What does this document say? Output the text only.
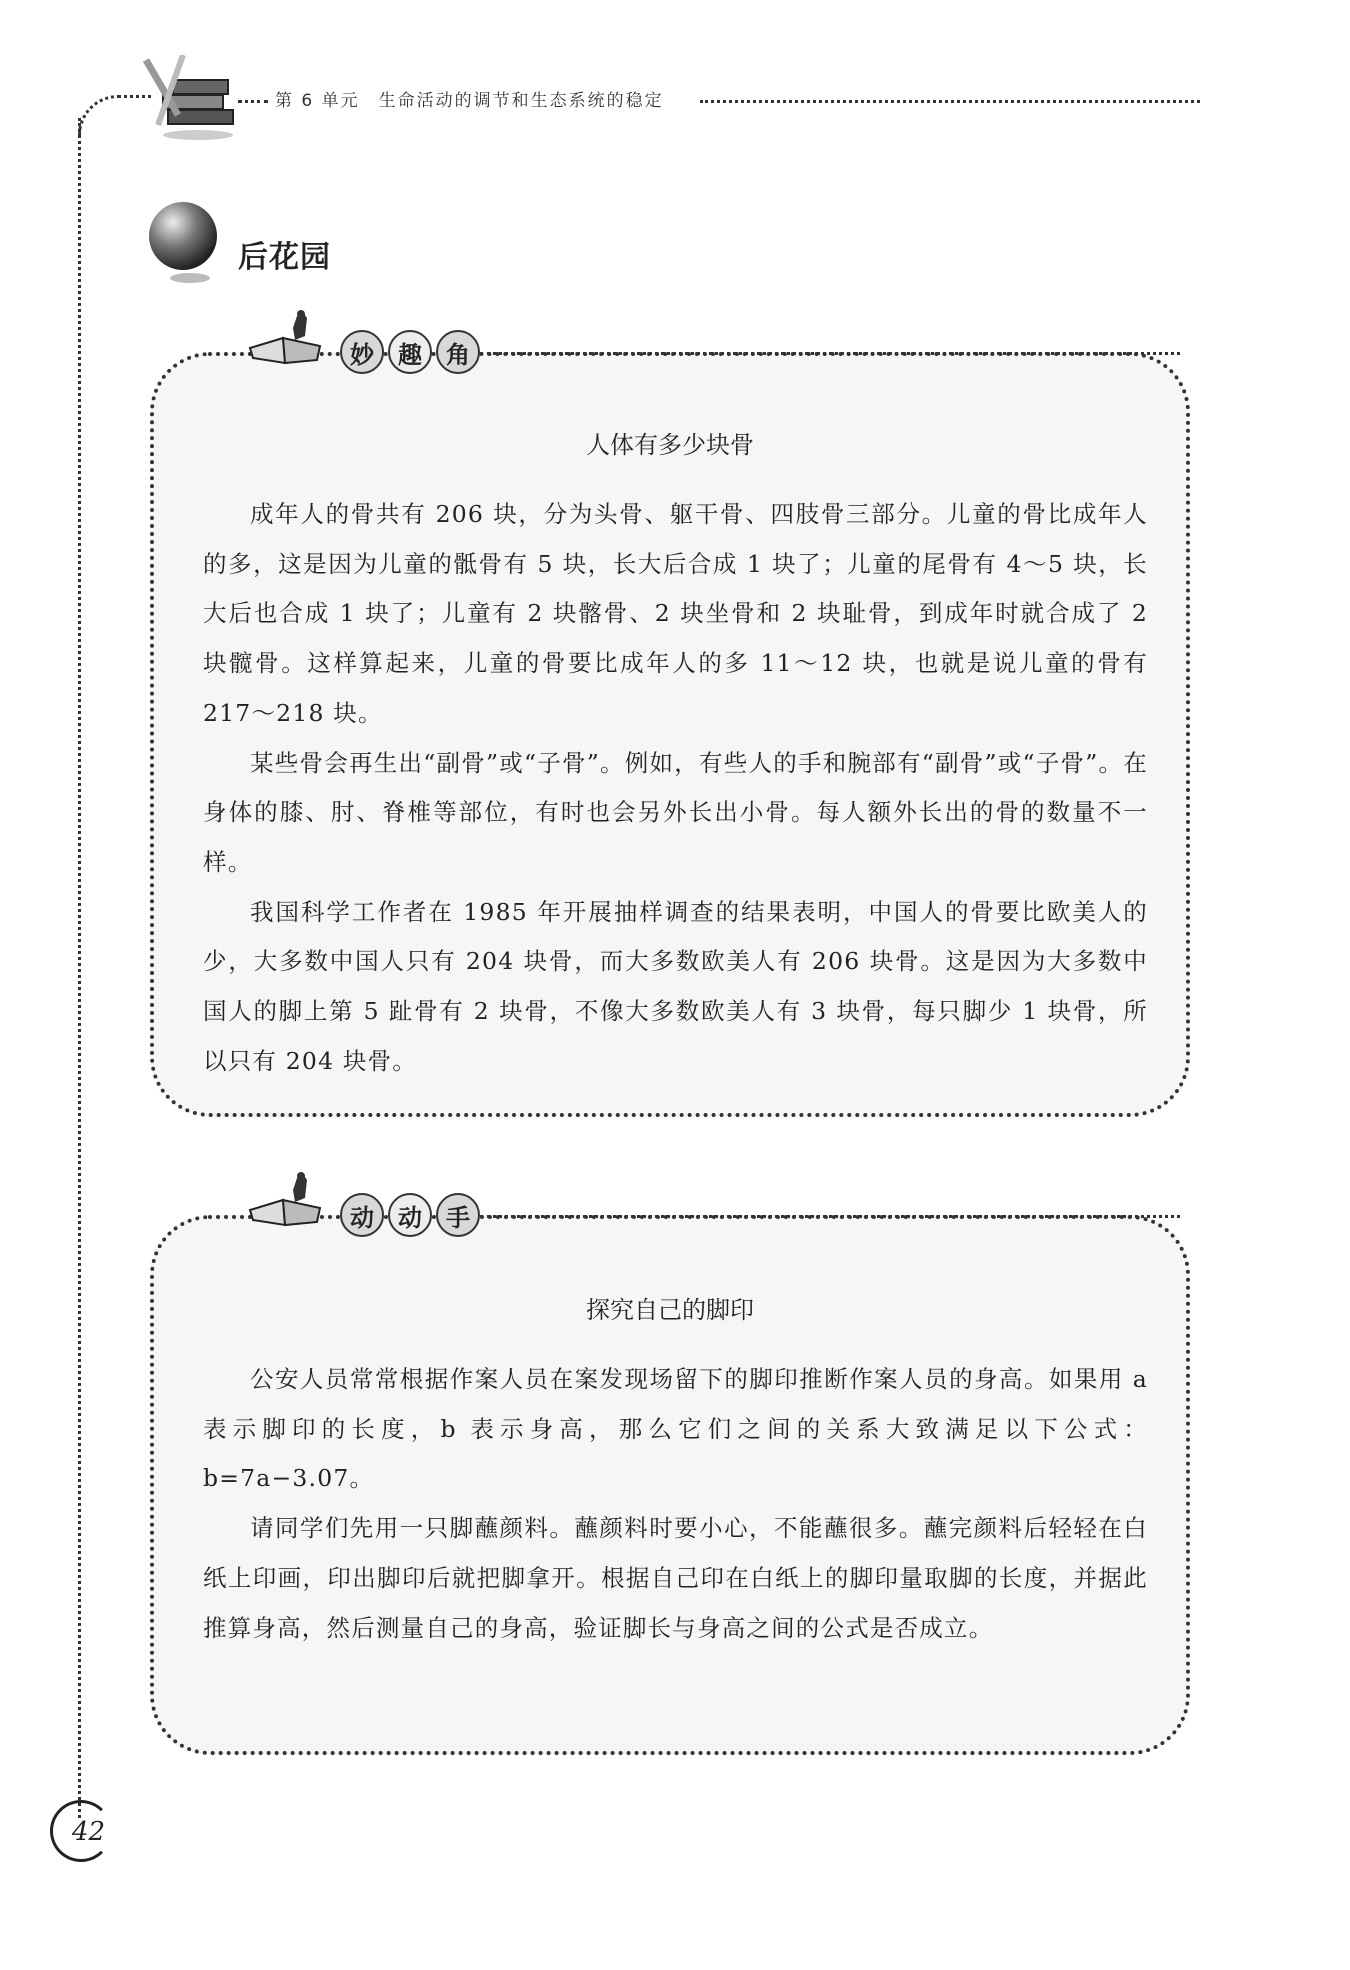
第 6 单元　生命活动的调节和生态系统的稳定
后花园
妙	趣	角
人体有多少块骨

成年人的骨共有 206 块，分为头骨、躯干骨、四肢骨三部分。儿童的骨比成年人的多，这是因为儿童的骶骨有 5 块，长大后合成 1 块了；儿童的尾骨有 4～5 块，长大后也合成 1 块了；儿童有 2 块髂骨、2 块坐骨和 2 块耻骨，到成年时就合成了 2 块髋骨。这样算起来，儿童的骨要比成年人的多 11～12 块，也就是说儿童的骨有 217～218 块。

某些骨会再生出“副骨”或“子骨”。例如，有些人的手和腕部有“副骨”或“子骨”。在身体的膝、肘、脊椎等部位，有时也会另外长出小骨。每人额外长出的骨的数量不一样。

我国科学工作者在 1985 年开展抽样调查的结果表明，中国人的骨要比欧美人的少，大多数中国人只有 204 块骨，而大多数欧美人有 206 块骨。这是因为大多数中国人的脚上第 5 趾骨有 2 块骨，不像大多数欧美人有 3 块骨，每只脚少 1 块骨，所以只有 204 块骨。

动	动	手
探究自己的脚印

公安人员常常根据作案人员在案发现场留下的脚印推断作案人员的身高。如果用 a 表示脚印的长度，b 表示身高，那么它们之间的关系大致满足以下公式：b=7a−3.07。

请同学们先用一只脚蘸颜料。蘸颜料时要小心，不能蘸很多。蘸完颜料后轻轻在白纸上印画，印出脚印后就把脚拿开。根据自己印在白纸上的脚印量取脚的长度，并据此推算身高，然后测量自己的身高，验证脚长与身高之间的公式是否成立。

42
